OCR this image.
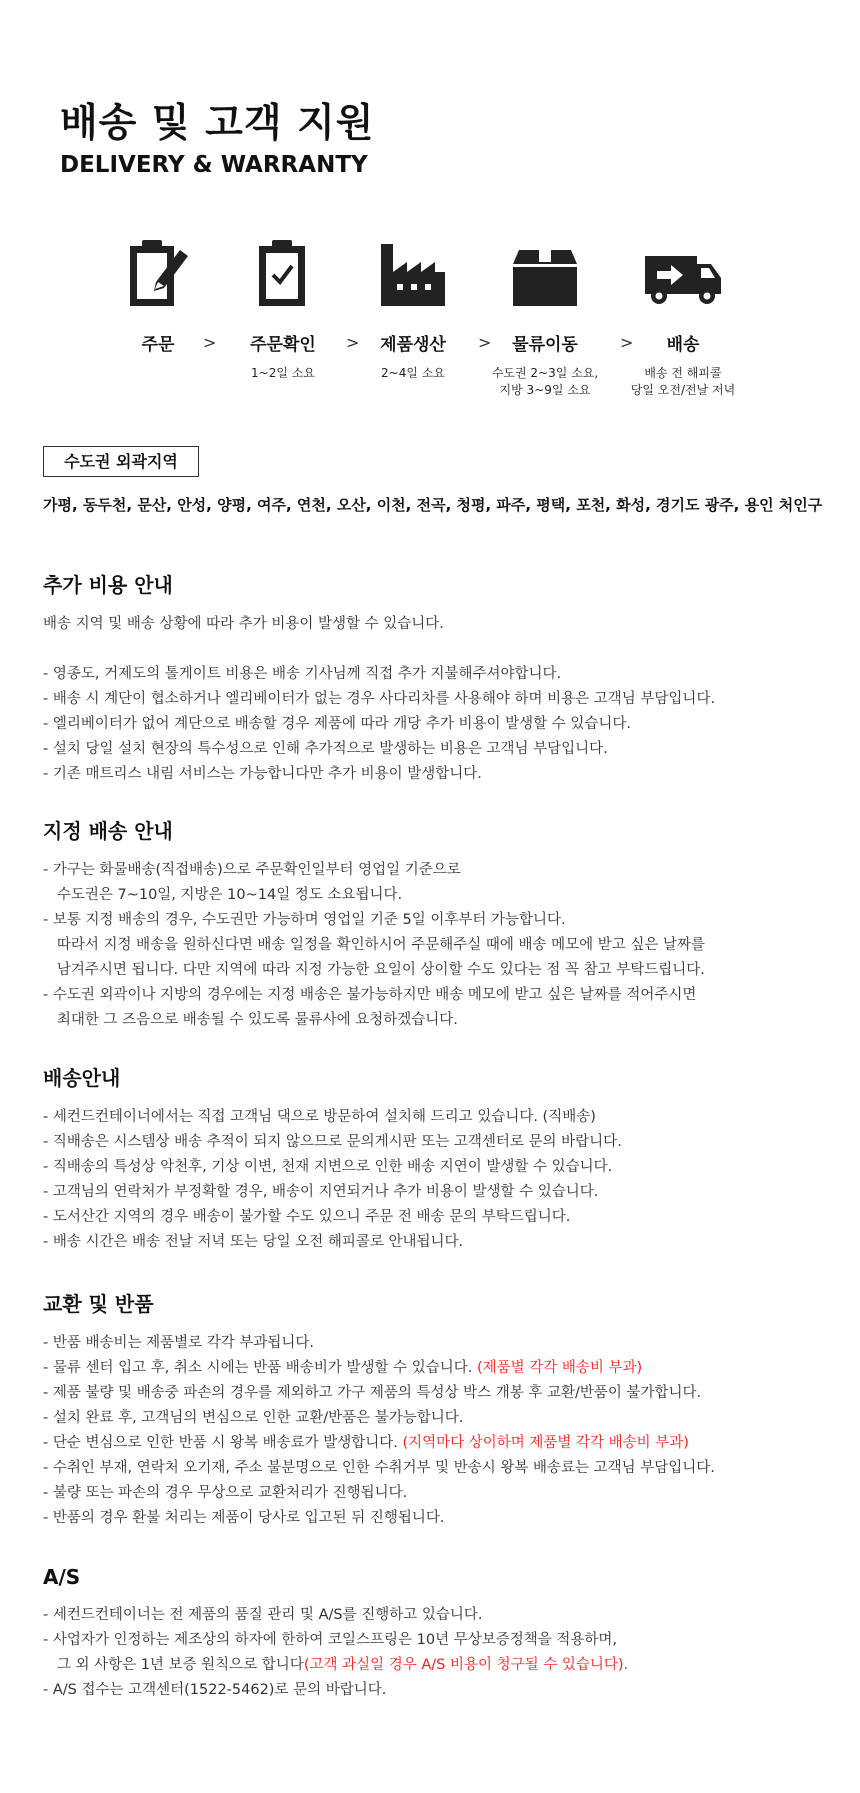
배송 및 고객 지원
DELIVERY & WARRANTY
주문	>	주문확인
1~2일 소요
>	제품생산
2~4일 소요
>	물류이동
수도권 2~3일 소요,
지방 3~9일 소요
>	배송
배송 전 해피콜
당일 오전/전날 저녁
수도권 외곽지역
가평, 동두천, 문산, 안성, 양평, 여주, 연천, 오산, 이천, 전곡, 청평, 파주, 평택, 포천, 화성, 경기도 광주, 용인 처인구
추가 비용 안내

배송 지역 및 배송 상황에 따라 추가 비용이 발생할 수 있습니다.

- 영종도, 거제도의 톨게이트 비용은 배송 기사님께 직접 추가 지불해주셔야합니다.

- 배송 시 계단이 협소하거나 엘리베이터가 없는 경우 사다리차를 사용해야 하며 비용은 고객님 부담입니다.

- 엘리베이터가 없어 계단으로 배송할 경우 제품에 따라 개당 추가 비용이 발생할 수 있습니다.

- 설치 당일 설치 현장의 특수성으로 인해 추가적으로 발생하는 비용은 고객님 부담입니다.

- 기존 매트리스 내림 서비스는 가능합니다만 추가 비용이 발생합니다.

지정 배송 안내

- 가구는 화물배송(직접배송)으로 주문확인일부터 영업일 기준으로

수도권은 7~10일, 지방은 10~14일 정도 소요됩니다.

- 보통 지정 배송의 경우, 수도권만 가능하며 영업일 기준 5일 이후부터 가능합니다.

따라서 지정 배송을 원하신다면 배송 일정을 확인하시어 주문해주실 때에 배송 메모에 받고 싶은 날짜를

남겨주시면 됩니다. 다만 지역에 따라 지정 가능한 요일이 상이할 수도 있다는 점 꼭 참고 부탁드립니다.

- 수도권 외곽이나 지방의 경우에는 지정 배송은 불가능하지만 배송 메모에 받고 싶은 날짜를 적어주시면

최대한 그 즈음으로 배송될 수 있도록 물류사에 요청하겠습니다.

배송안내

- 세컨드컨테이너에서는 직접 고객님 댁으로 방문하여 설치해 드리고 있습니다. (직배송)

- 직배송은 시스템상 배송 추적이 되지 않으므로 문의게시판 또는 고객센터로 문의 바랍니다.

- 직배송의 특성상 악천후, 기상 이변, 천재 지변으로 인한 배송 지연이 발생할 수 있습니다.

- 고객님의 연락처가 부정확할 경우, 배송이 지연되거나 추가 비용이 발생할 수 있습니다.

- 도서산간 지역의 경우 배송이 불가할 수도 있으니 주문 전 배송 문의 부탁드립니다.

- 배송 시간은 배송 전날 저녁 또는 당일 오전 해피콜로 안내됩니다.

교환 및 반품

- 반품 배송비는 제품별로 각각 부과됩니다.

- 물류 센터 입고 후, 취소 시에는 반품 배송비가 발생할 수 있습니다. (제품별 각각 배송비 부과)

- 제품 불량 및 배송중 파손의 경우를 제외하고 가구 제품의 특성상 박스 개봉 후 교환/반품이 불가합니다.

- 설치 완료 후, 고객님의 변심으로 인한 교환/반품은 불가능합니다.

- 단순 변심으로 인한 반품 시 왕복 배송료가 발생합니다. (지역마다 상이하며 제품별 각각 배송비 부과)

- 수취인 부재, 연락처 오기재, 주소 불분명으로 인한 수취거부 및 반송시 왕복 배송료는 고객님 부담입니다.

- 불량 또는 파손의 경우 무상으로 교환처리가 진행됩니다.

- 반품의 경우 환불 처리는 제품이 당사로 입고된 뒤 진행됩니다.

A/S

- 세컨드컨테이너는 전 제품의 품질 관리 및 A/S를 진행하고 있습니다.

- 사업자가 인정하는 제조상의 하자에 한하여 코일스프링은 10년 무상보증정책을 적용하며,

그 외 사항은 1년 보증 원칙으로 합니다(고객 과실일 경우 A/S 비용이 청구될 수 있습니다).

- A/S 접수는 고객센터(1522-5462)로 문의 바랍니다.
